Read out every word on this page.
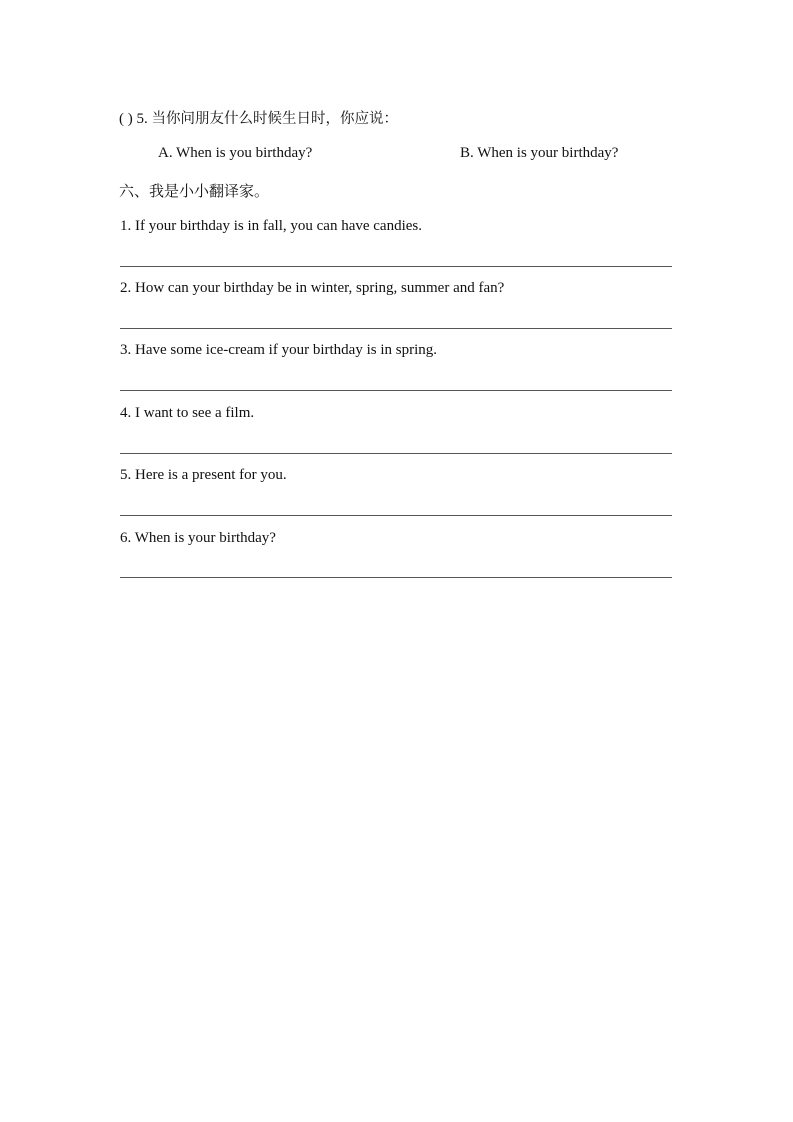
( ) 5. 当你问朋友什么时候生日时，你应说：
A. When is you birthday?	B. When is your birthday?
六、我是小小翻译家。
1. If your birthday is in fall, you can have candies.
2. How can your birthday be in winter, spring, summer and fan?
3. Have some ice-cream if your birthday is in spring.
4. I want to see a film.
5. Here is a present for you.
6. When is your birthday?
